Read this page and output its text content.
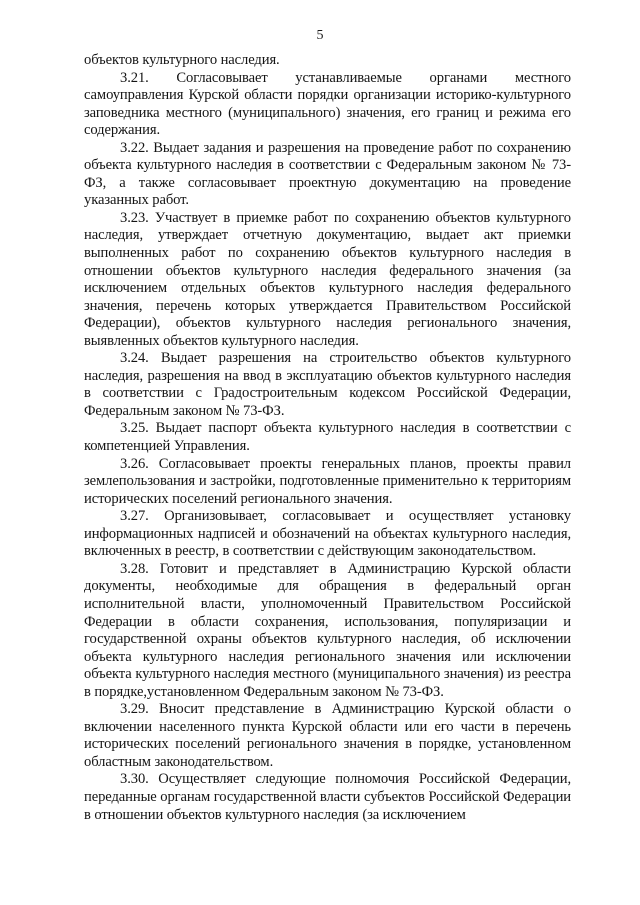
5

объектов культурного наследия.

3.21. Согласовывает устанавливаемые органами местного самоуправления Курской области порядки организации историко-культурного заповедника местного (муниципального) значения, его границ и режима его содержания.

3.22. Выдает задания и разрешения на проведение работ по сохранению объекта культурного наследия в соответствии с Федеральным законом № 73-ФЗ, а также согласовывает проектную документацию на проведение указанных работ.

3.23. Участвует в приемке работ по сохранению объектов культурного наследия, утверждает отчетную документацию, выдает акт приемки выполненных работ по сохранению объектов культурного наследия в отношении объектов культурного наследия федерального значения (за исключением отдельных объектов культурного наследия федерального значения, перечень которых утверждается Правительством Российской Федерации), объектов культурного наследия регионального значения, выявленных объектов культурного наследия.

3.24. Выдает разрешения на строительство объектов культурного наследия, разрешения на ввод в эксплуатацию объектов культурного наследия в соответствии с Градостроительным кодексом Российской Федерации, Федеральным законом № 73-ФЗ.

3.25. Выдает паспорт объекта культурного наследия в соответствии с компетенцией Управления.

3.26. Согласовывает проекты генеральных планов, проекты правил землепользования и застройки, подготовленные применительно к территориям исторических поселений регионального значения.

3.27. Организовывает, согласовывает и осуществляет установку информационных надписей и обозначений на объектах культурного наследия, включенных в реестр, в соответствии с действующим законодательством.

3.28. Готовит и представляет в Администрацию Курской области документы, необходимые для обращения в федеральный орган исполнительной власти, уполномоченный Правительством Российской Федерации в области сохранения, использования, популяризации и государственной охраны объектов культурного наследия, об исключении объекта культурного наследия регионального значения или исключении объекта культурного наследия местного (муниципального значения) из реестра в порядке,установленном Федеральным законом № 73-ФЗ.

3.29. Вносит представление в Администрацию Курской области о включении населенного пункта Курской области или его части в перечень исторических поселений регионального значения в порядке, установленном областным законодательством.

3.30. Осуществляет следующие полномочия Российской Федерации, переданные органам государственной власти субъектов Российской Федерации в отношении объектов культурного наследия (за исключением
